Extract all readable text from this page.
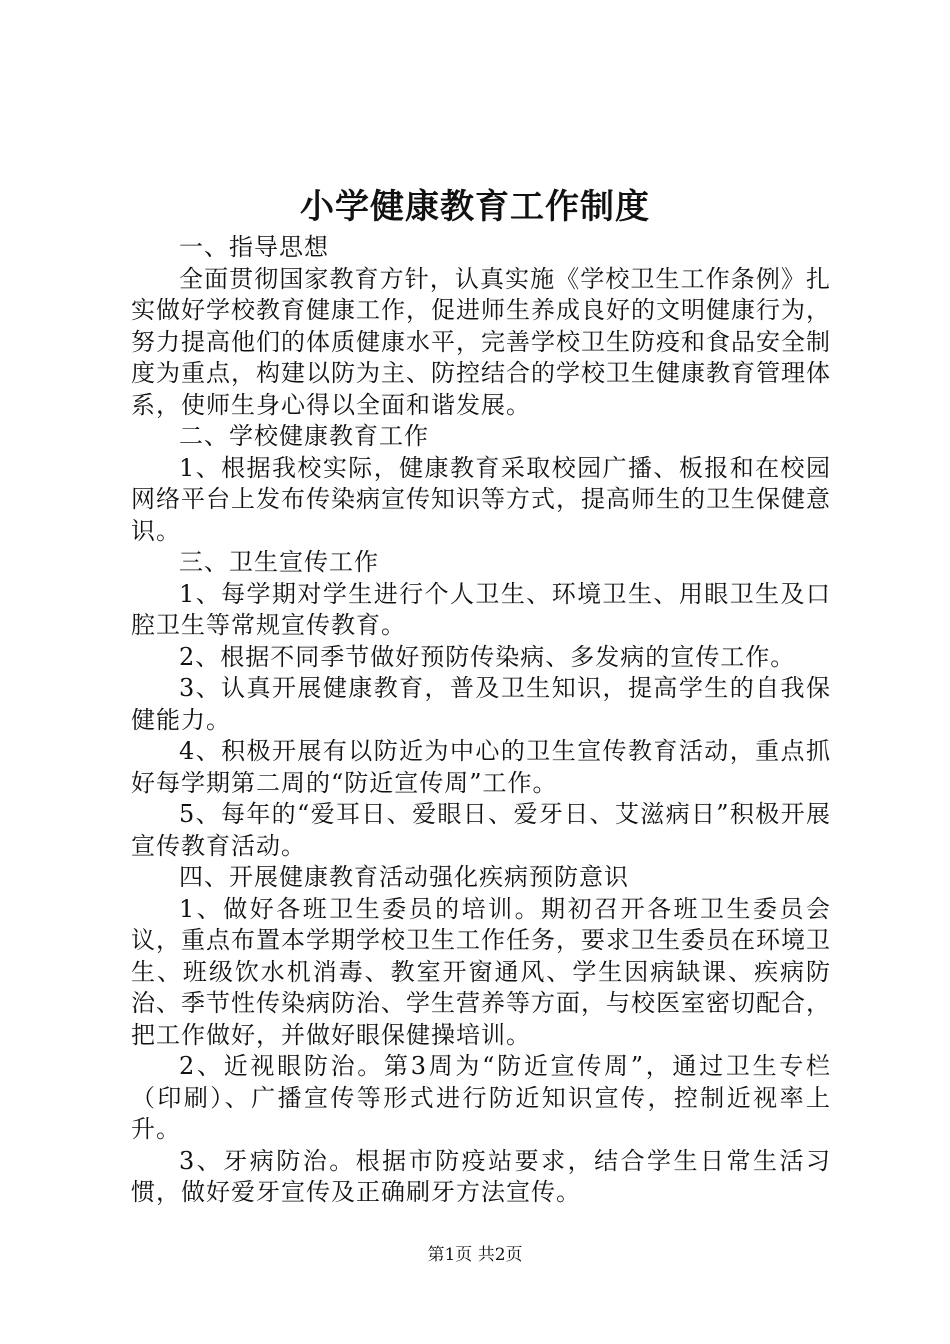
小学健康教育工作制度

一、指导思想

全面贯彻国家教育方针，认真实施《学校卫生工作条例》扎实做好学校教育健康工作，促进师生养成良好的文明健康行为，努力提高他们的体质健康水平，完善学校卫生防疫和食品安全制度为重点，构建以防为主、防控结合的学校卫生健康教育管理体系，使师生身心得以全面和谐发展。

二、学校健康教育工作

1、根据我校实际，健康教育采取校园广播、板报和在校园网络平台上发布传染病宣传知识等方式，提高师生的卫生保健意识。

三、卫生宣传工作

1、每学期对学生进行个人卫生、环境卫生、用眼卫生及口腔卫生等常规宣传教育。

2、根据不同季节做好预防传染病、多发病的宣传工作。

3、认真开展健康教育，普及卫生知识，提高学生的自我保健能力。

4、积极开展有以防近为中心的卫生宣传教育活动，重点抓好每学期第二周的“防近宣传周”工作。

5、每年的“爱耳日、爱眼日、爱牙日、艾滋病日”积极开展宣传教育活动。

四、开展健康教育活动强化疾病预防意识

1、做好各班卫生委员的培训。期初召开各班卫生委员会议，重点布置本学期学校卫生工作任务，要求卫生委员在环境卫生、班级饮水机消毒、教室开窗通风、学生因病缺课、疾病防治、季节性传染病防治、学生营养等方面，与校医室密切配合，把工作做好，并做好眼保健操培训。

2、近视眼防治。第3周为“防近宣传周”，通过卫生专栏（印刷）、广播宣传等形式进行防近知识宣传，控制近视率上升。

3、牙病防治。根据市防疫站要求，结合学生日常生活习惯，做好爱牙宣传及正确刷牙方法宣传。

第1页 共2页
